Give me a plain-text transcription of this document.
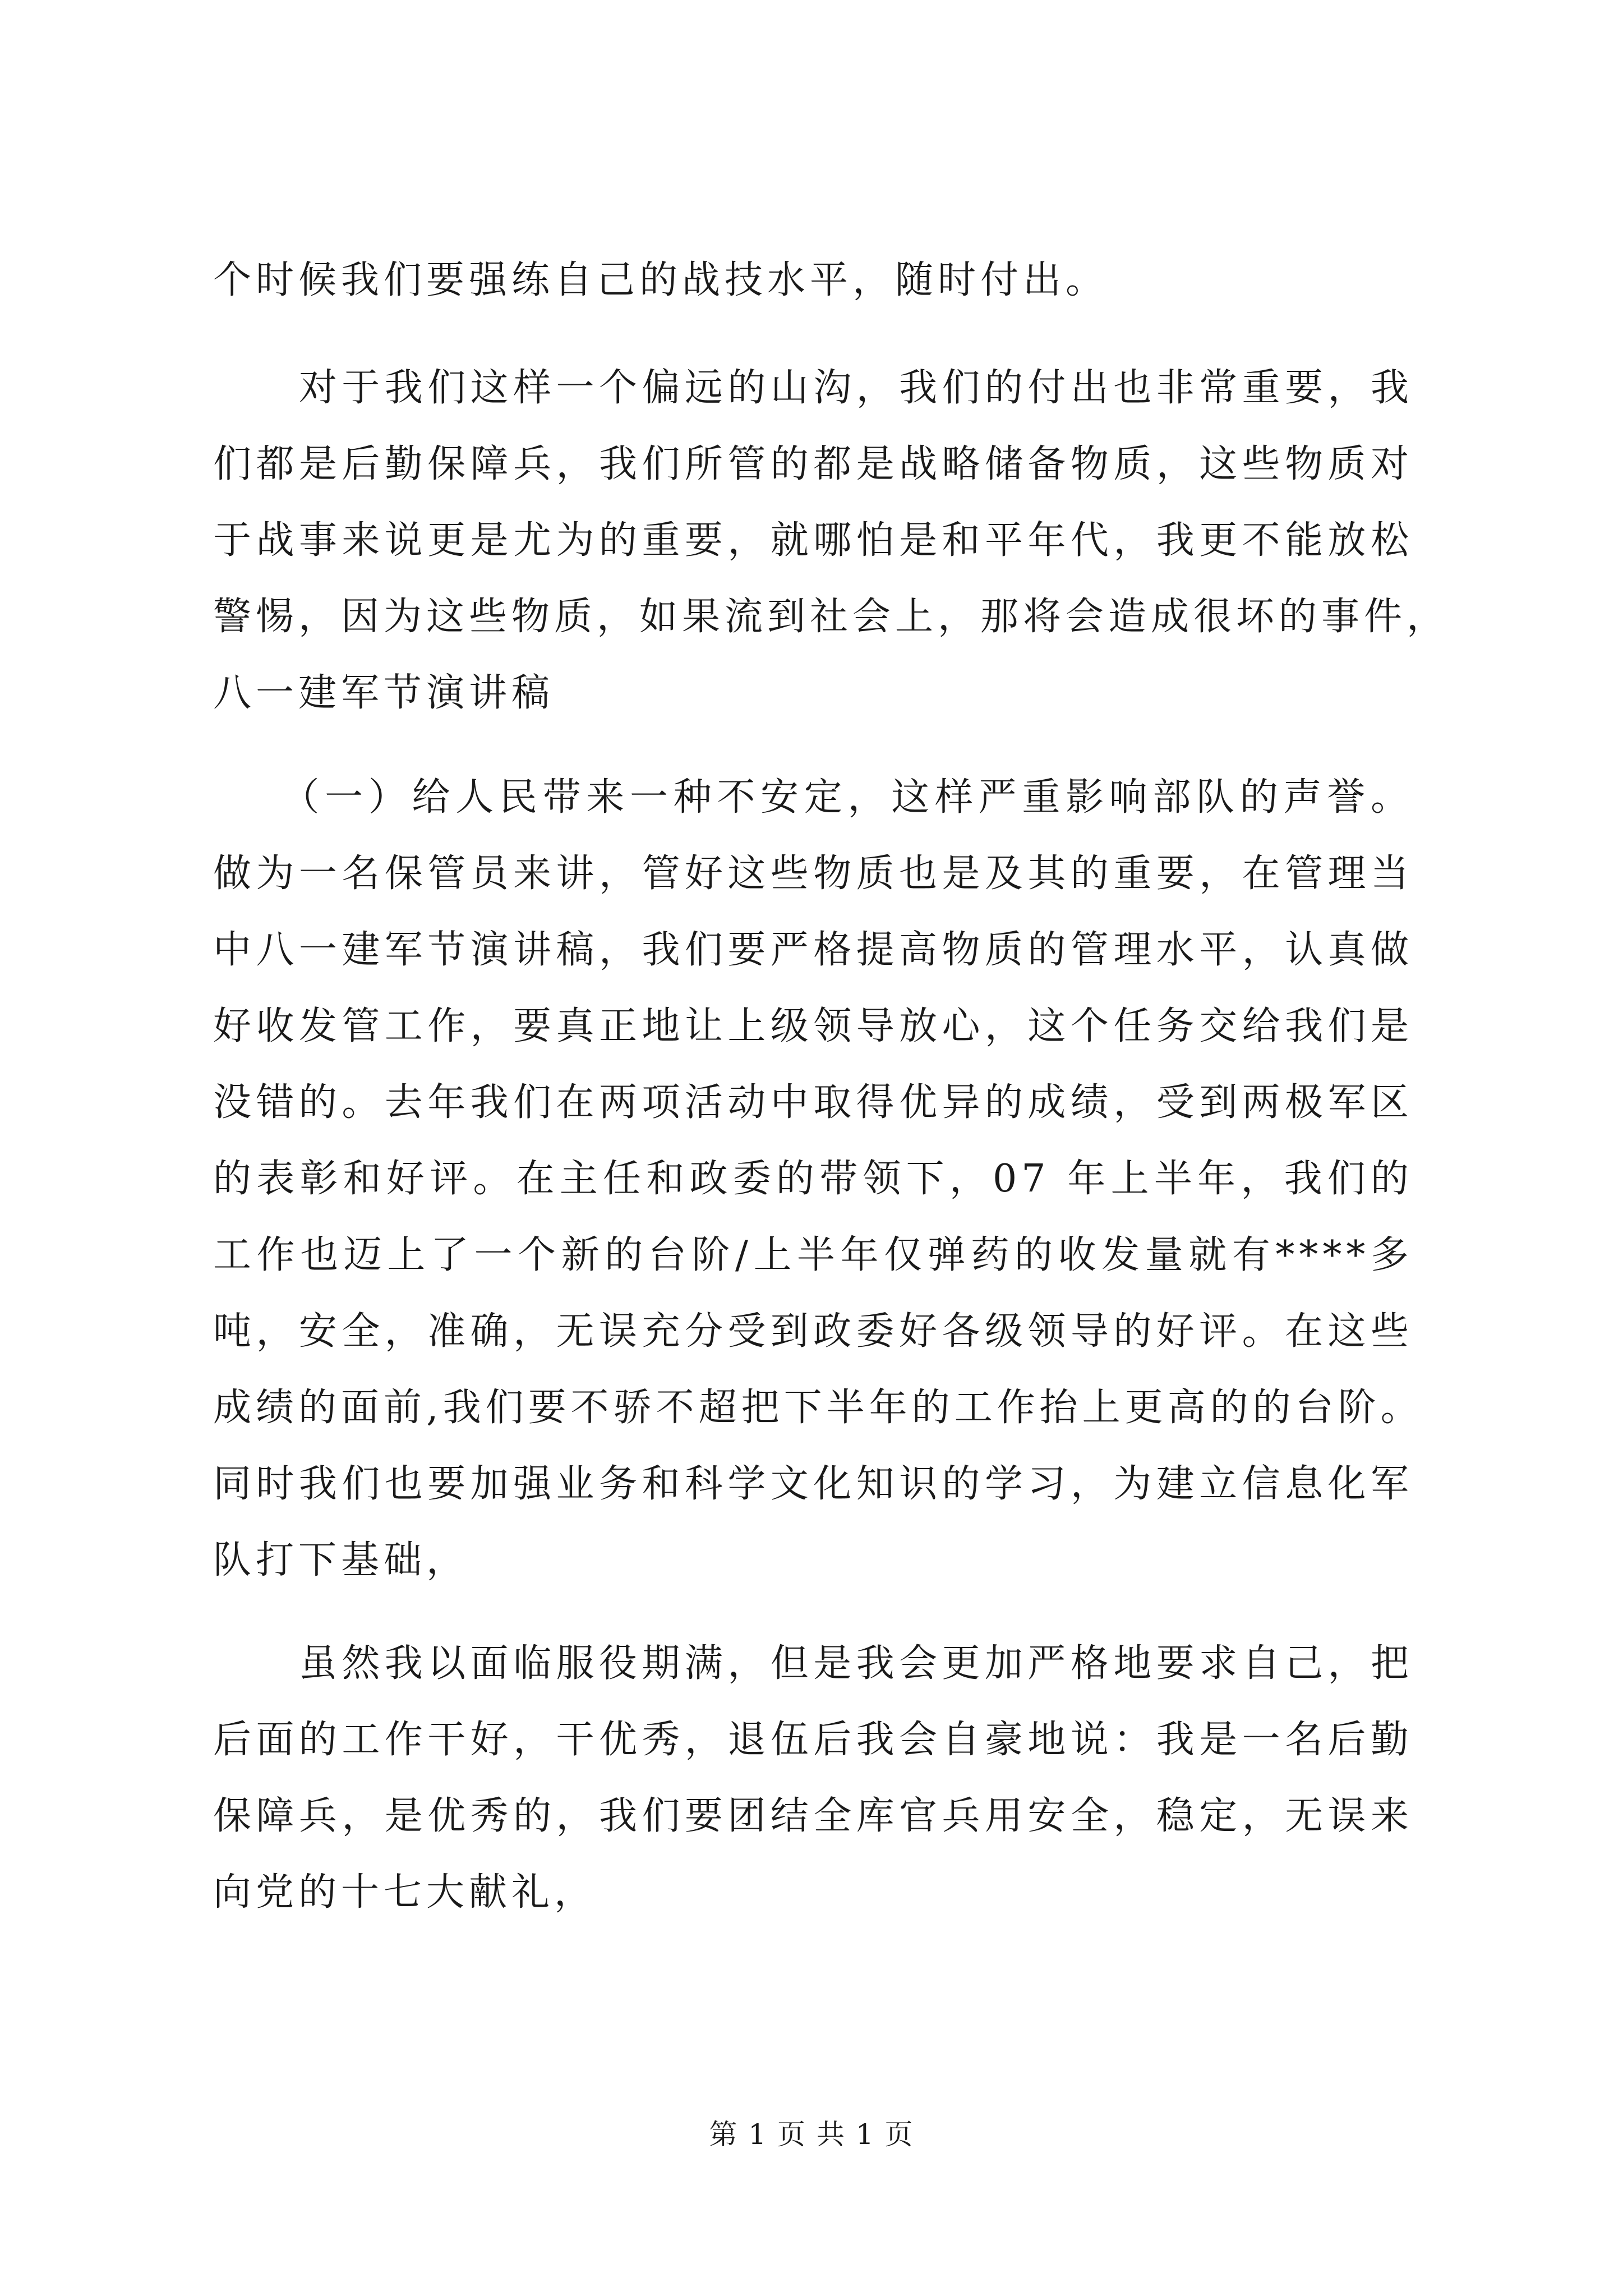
个时候我们要强练自己的战技水平，随时付出。

　　对于我们这样一个偏远的山沟，我们的付出也非常重要，我

们都是后勤保障兵，我们所管的都是战略储备物质，这些物质对

于战事来说更是尤为的重要，就哪怕是和平年代，我更不能放松

警惕，因为这些物质，如果流到社会上，那将会造成很坏的事件，

八一建军节演讲稿

　　（一）给人民带来一种不安定，这样严重影响部队的声誉。

做为一名保管员来讲，管好这些物质也是及其的重要，在管理当

中八一建军节演讲稿，我们要严格提高物质的管理水平，认真做

好收发管工作，要真正地让上级领导放心，这个任务交给我们是

没错的。去年我们在两项活动中取得优异的成绩，受到两极军区

的表彰和好评。在主任和政委的带领下，07 年上半年，我们的

工作也迈上了一个新的台阶/上半年仅弹药的收发量就有****多

吨，安全，准确，无误充分受到政委好各级领导的好评。在这些

成绩的面前,我们要不骄不超把下半年的工作抬上更高的的台阶。

同时我们也要加强业务和科学文化知识的学习，为建立信息化军

队打下基础，

　　虽然我以面临服役期满，但是我会更加严格地要求自己，把

后面的工作干好，干优秀，退伍后我会自豪地说：我是一名后勤

保障兵，是优秀的，我们要团结全库官兵用安全，稳定，无误来

向党的十七大献礼，

第 1 页 共 1 页
